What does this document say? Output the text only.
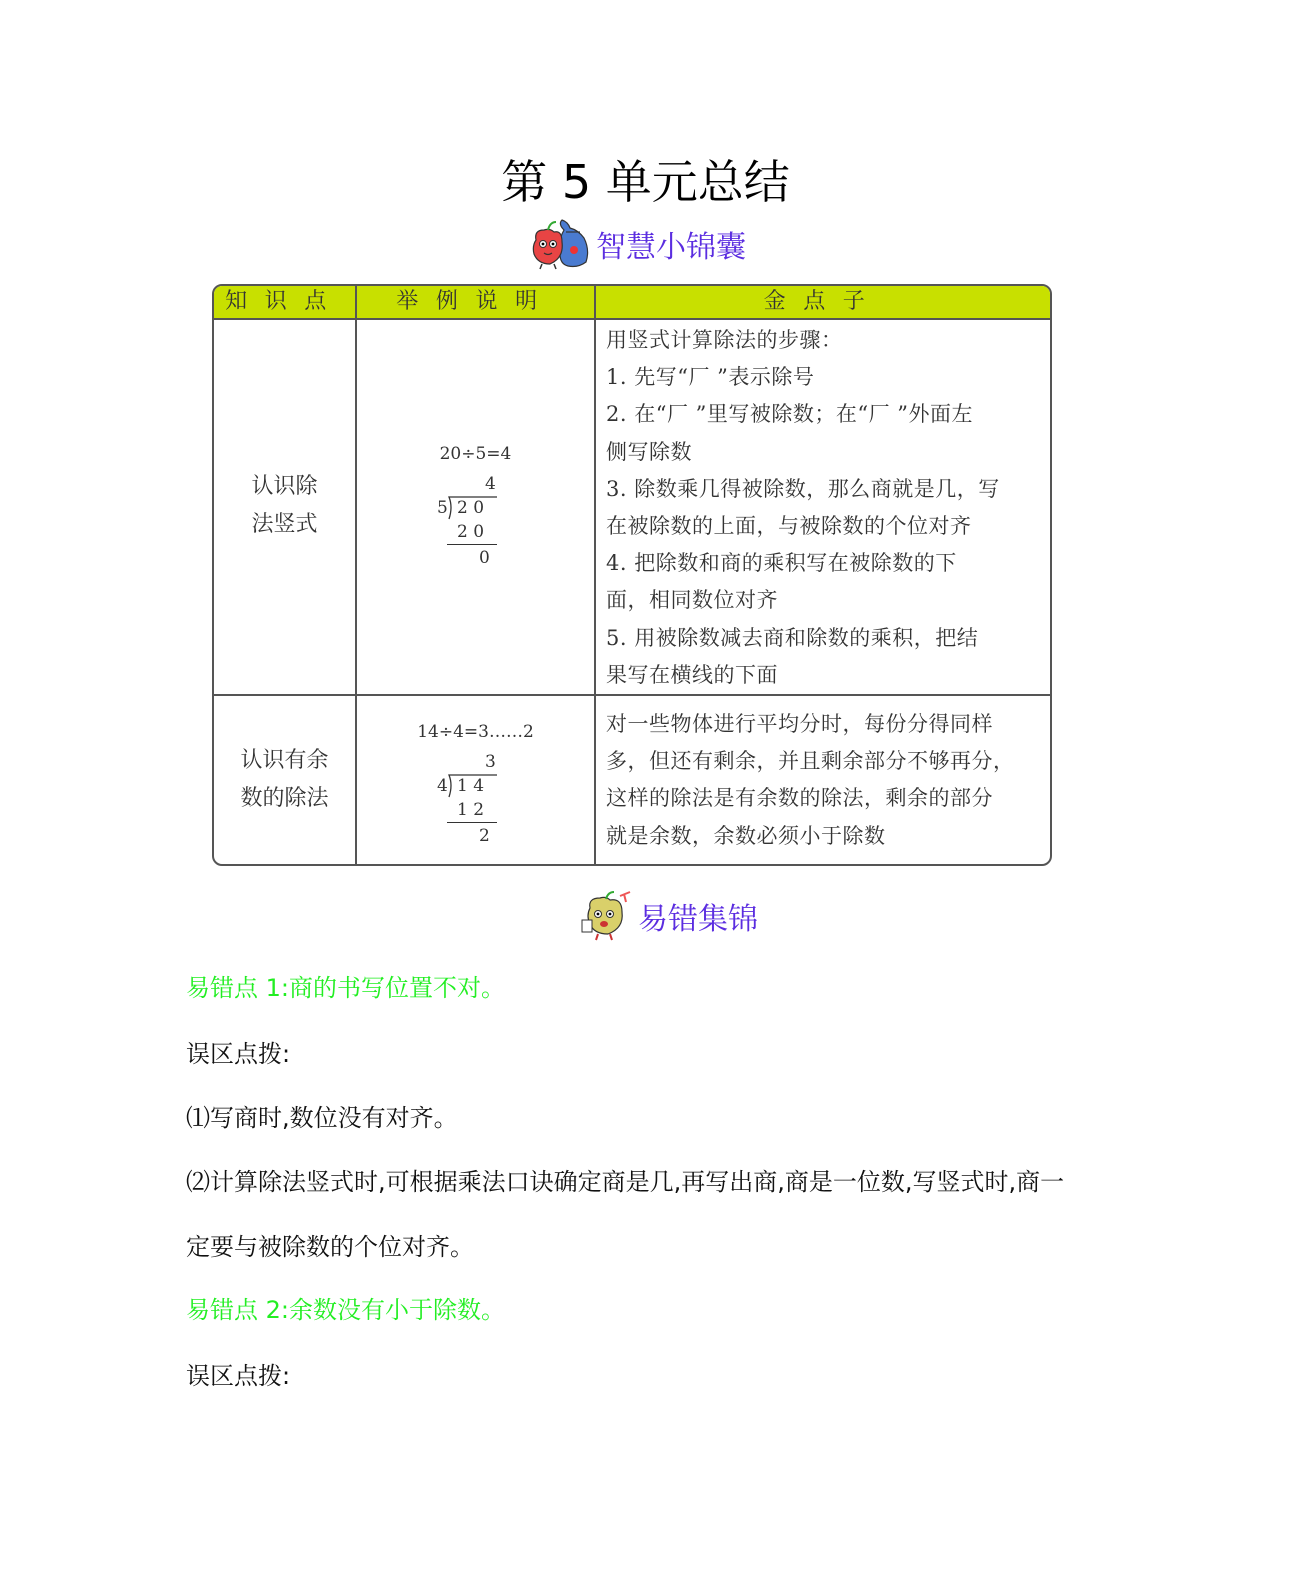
第 5 单元总结
智慧小锦囊
知识点	举例说明	金点子
认识除
法竖式
20÷5=4
4
5 2 0
2 0
0

用竖式计算除法的步骤：

1. 先写“厂 ”表示除号

2. 在“厂 ”里写被除数；在“厂 ”外面左

侧写除数

3. 除数乘几得被除数，那么商就是几，写

在被除数的上面，与被除数的个位对齐

4. 把除数和商的乘积写在被除数的下

面，相同数位对齐

5. 用被除数减去商和除数的乘积，把结

果写在横线的下面

认识有余
数的除法
14÷4=3……2
3
4 1 4
1 2
2

对一些物体进行平均分时，每份分得同样

多，但还有剩余，并且剩余部分不够再分，

这样的除法是有余数的除法，剩余的部分

就是余数，余数必须小于除数

易错集锦
易错点 1:商的书写位置不对。
误区点拨:
⑴写商时,数位没有对齐。
⑵计算除法竖式时,可根据乘法口诀确定商是几,再写出商,商是一位数,写竖式时,商一
定要与被除数的个位对齐。
易错点 2:余数没有小于除数。
误区点拨:
